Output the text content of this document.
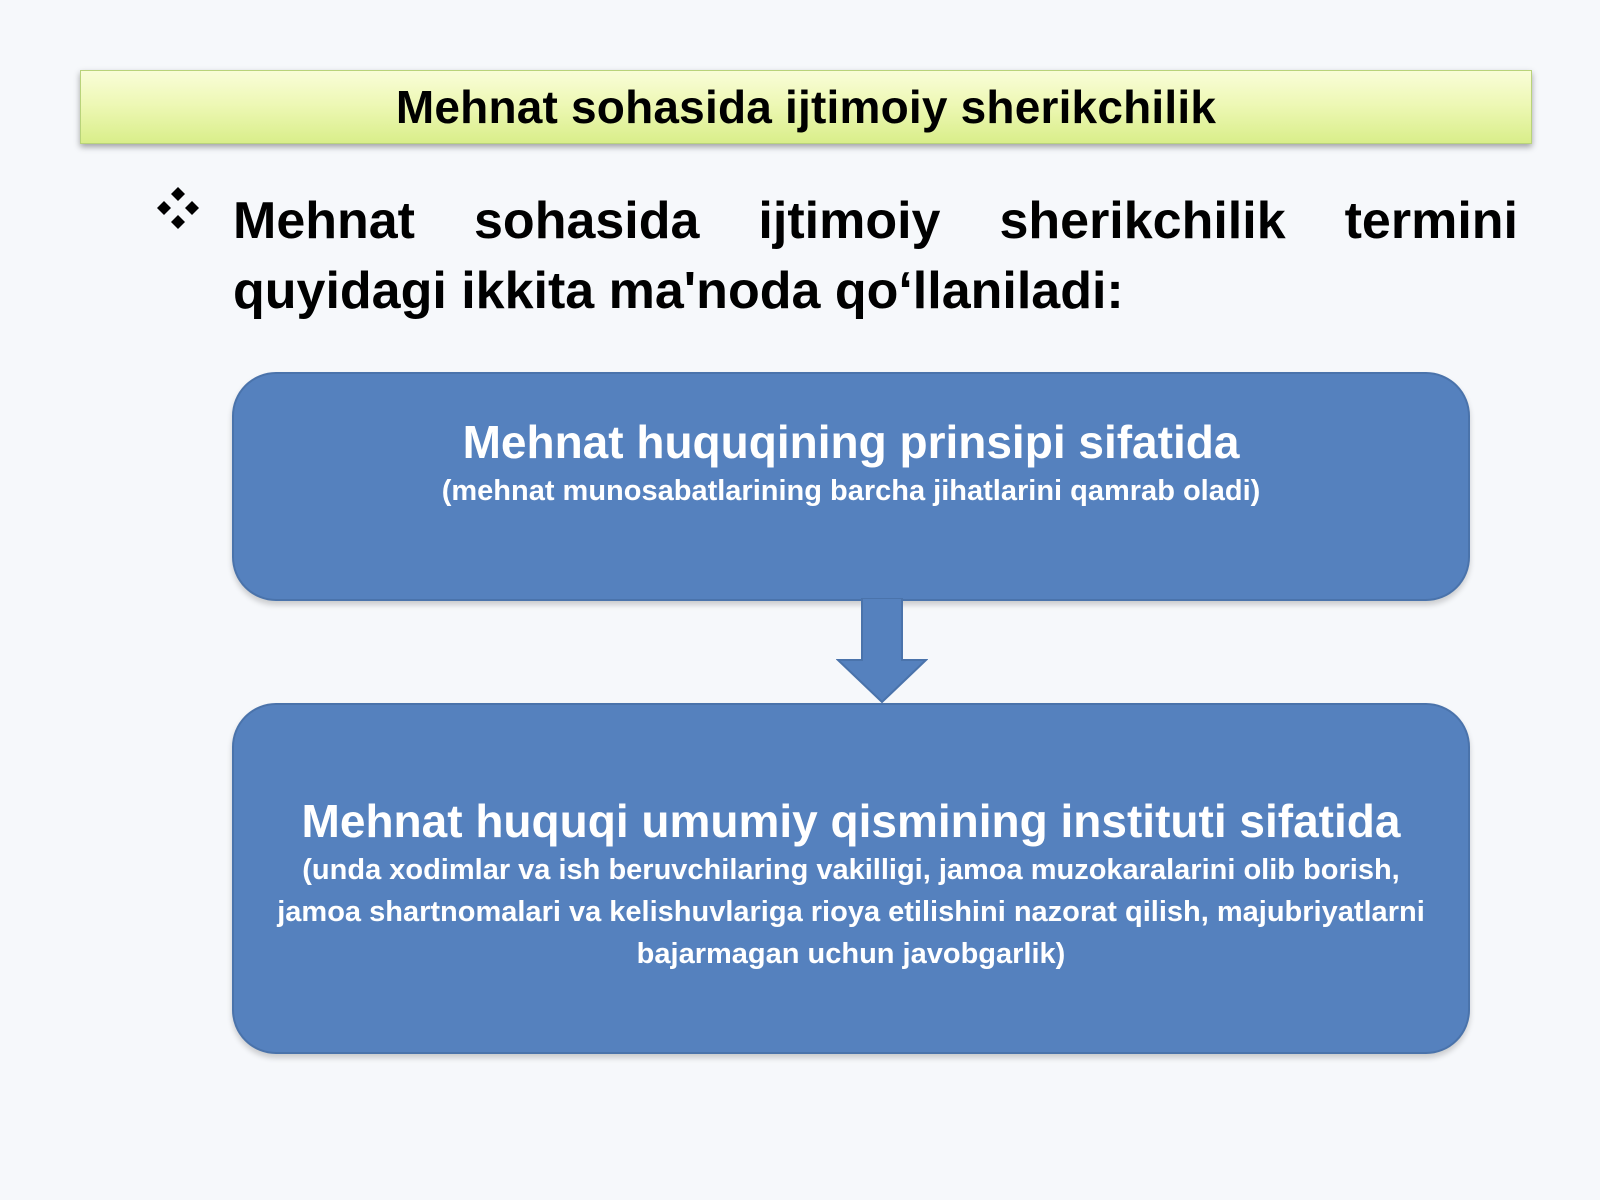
Mehnat sohasida ijtimoiy sherikchilik
Mehnat sohasida ijtimoiy sherikchilik termini quyidagi ikkita ma'noda qo‘llaniladi:
Mehnat huquqining prinsipi sifatida
(mehnat munosabatlarining barcha jihatlarini qamrab oladi)
Mehnat huquqi umumiy qismining instituti sifatida
(unda xodimlar va ish beruvchilaring vakilligi, jamoa muzokaralarini olib borish, jamoa shartnomalari va kelishuvlariga rioya etilishini nazorat qilish, majubriyatlarni bajarmagan uchun javobgarlik)
